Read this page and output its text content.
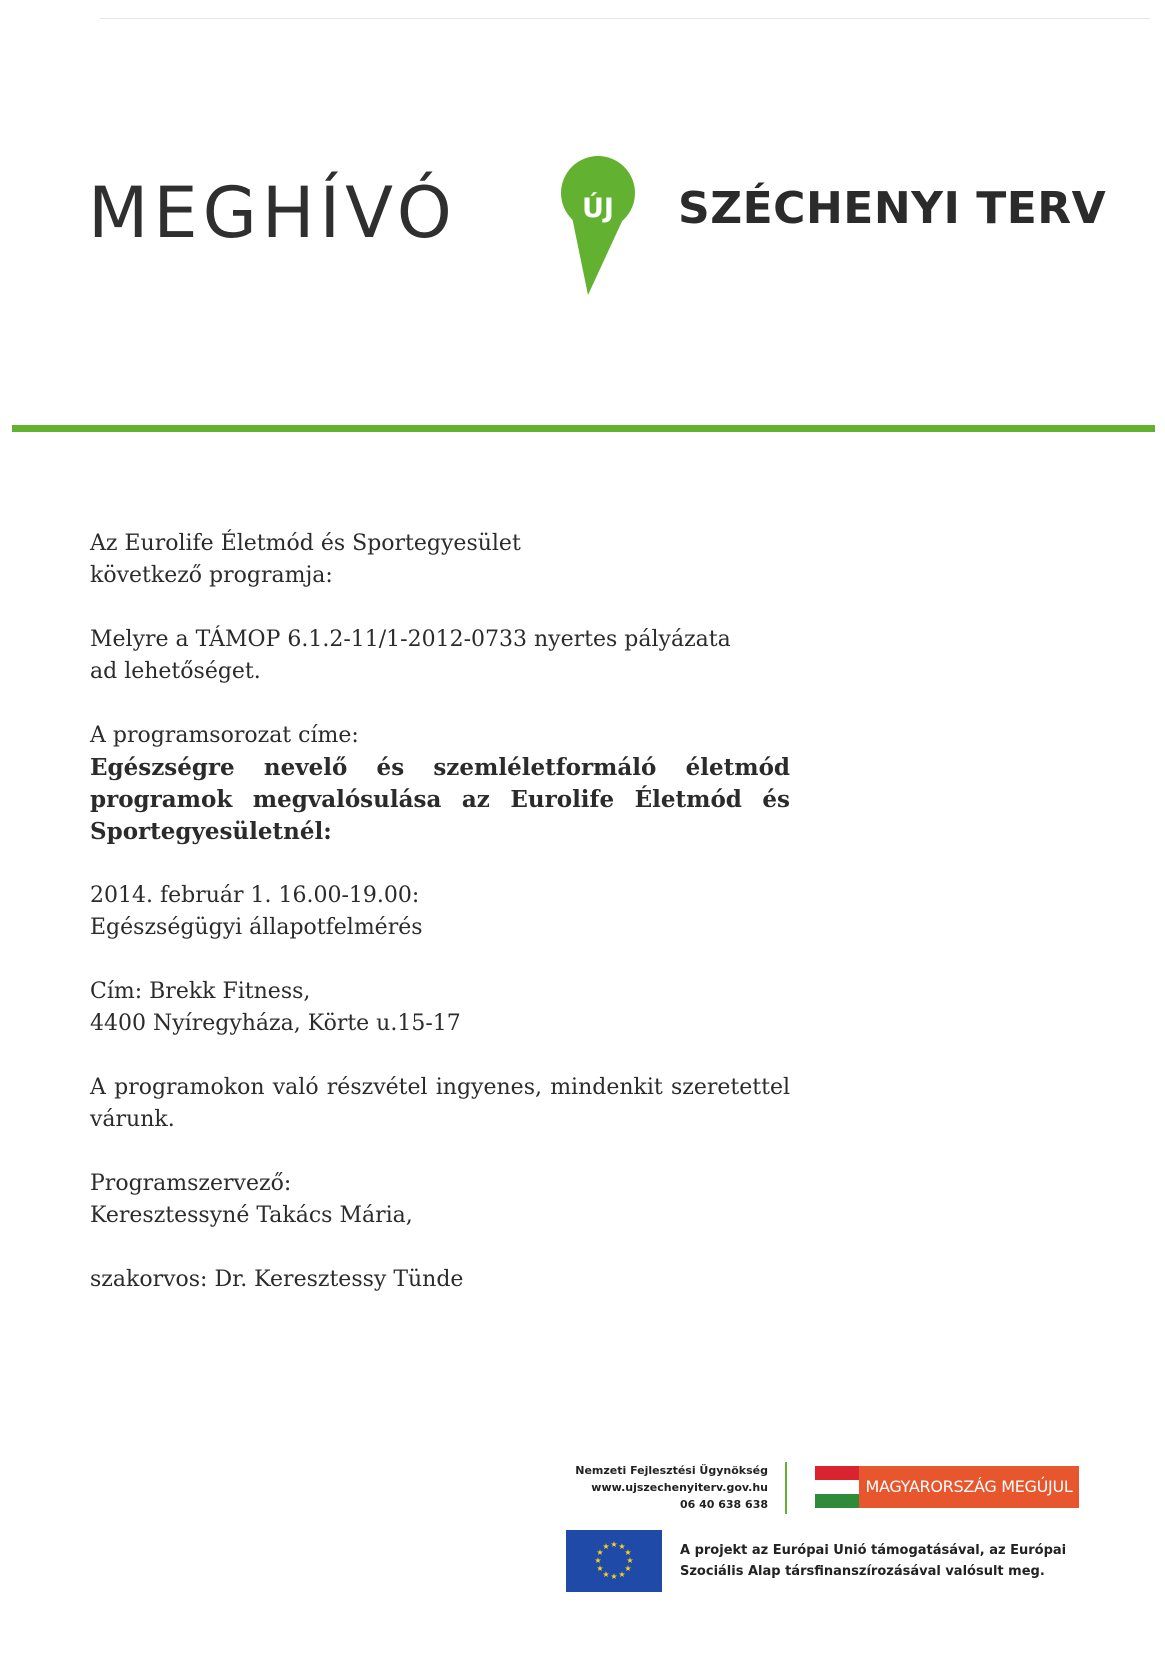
MEGHÍVÓ	ÚJ	SZÉCHENYI TERV

Az Eurolife Életmód és Sportegyesület

következő programja:

Melyre a TÁMOP 6.1.2-11/1-2012-0733 nyertes pályázata

ad lehetőséget.

A programsorozat címe:

Egészségre nevelő és szemléletformáló életmód programok megvalósulása az Eurolife Életmód és Sportegyesületnél:

2014. február 1. 16.00-19.00:

Egészségügyi állapotfelmérés

Cím: Brekk Fitness,

4400 Nyíregyháza, Körte u.15-17

A programokon való részvétel ingyenes, mindenkit szeretettel várunk.

Programszervező:

Keresztessyné Takács Mária,

szakorvos: Dr. Keresztessy Tünde

Nemzeti Fejlesztési Ügynökség
www.ujszechenyiterv.gov.hu
06 40 638 638
MAGYARORSZÁG MEGÚJUL
★ ★
★
★
★
★
★
★
★
★
★
★	A projekt az Európai Unió támogatásával, az Európai
Szociális Alap társfinanszírozásával valósult meg.
